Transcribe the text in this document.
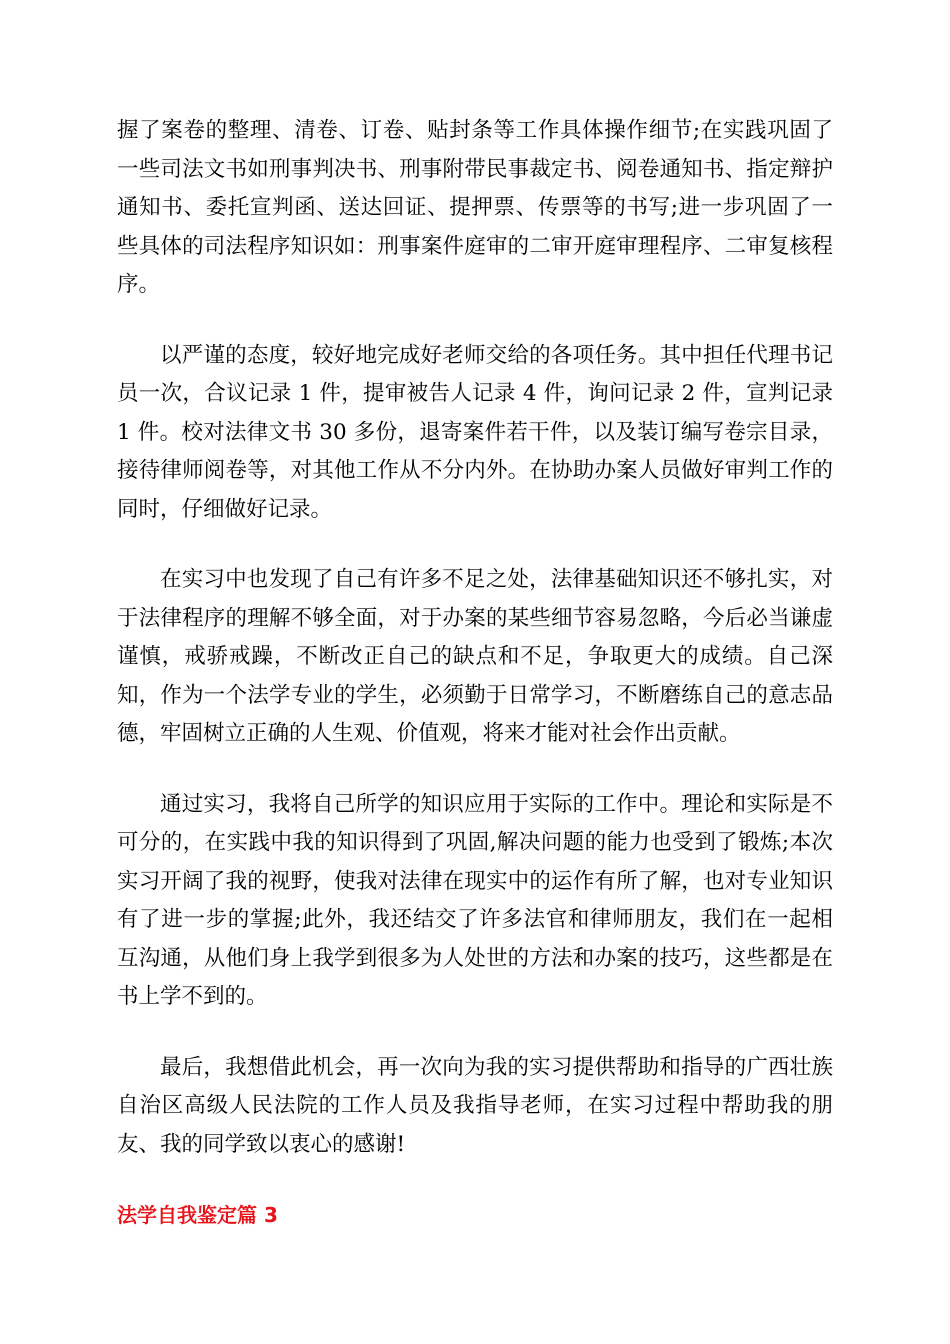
握了案卷的整理、清卷、订卷、贴封条等工作具体操作细节;在实践巩固了一些司法文书如刑事判决书、刑事附带民事裁定书、阅卷通知书、指定辩护通知书、委托宣判函、送达回证、提押票、传票等的书写;进一步巩固了一些具体的司法程序知识如：刑事案件庭审的二审开庭审理程序、二审复核程序。

以严谨的态度，较好地完成好老师交给的各项任务。其中担任代理书记员一次，合议记录 1 件，提审被告人记录 4 件，询问记录 2 件，宣判记录 1 件。校对法律文书 30 多份，退寄案件若干件，以及装订编写卷宗目录，接待律师阅卷等，对其他工作从不分内外。在协助办案人员做好审判工作的同时，仔细做好记录。

在实习中也发现了自己有许多不足之处，法律基础知识还不够扎实，对于法律程序的理解不够全面，对于办案的某些细节容易忽略，今后必当谦虚谨慎，戒骄戒躁，不断改正自己的缺点和不足，争取更大的成绩。自己深知，作为一个法学专业的学生，必须勤于日常学习，不断磨练自己的意志品德，牢固树立正确的人生观、价值观，将来才能对社会作出贡献。

通过实习，我将自己所学的知识应用于实际的工作中。理论和实际是不可分的，在实践中我的知识得到了巩固,解决问题的能力也受到了锻炼;本次实习开阔了我的视野，使我对法律在现实中的运作有所了解，也对专业知识有了进一步的掌握;此外，我还结交了许多法官和律师朋友，我们在一起相互沟通，从他们身上我学到很多为人处世的方法和办案的技巧，这些都是在书上学不到的。

最后，我想借此机会，再一次向为我的实习提供帮助和指导的广西壮族自治区高级人民法院的工作人员及我指导老师，在实习过程中帮助我的朋友、我的同学致以衷心的感谢!

法学自我鉴定篇 3
